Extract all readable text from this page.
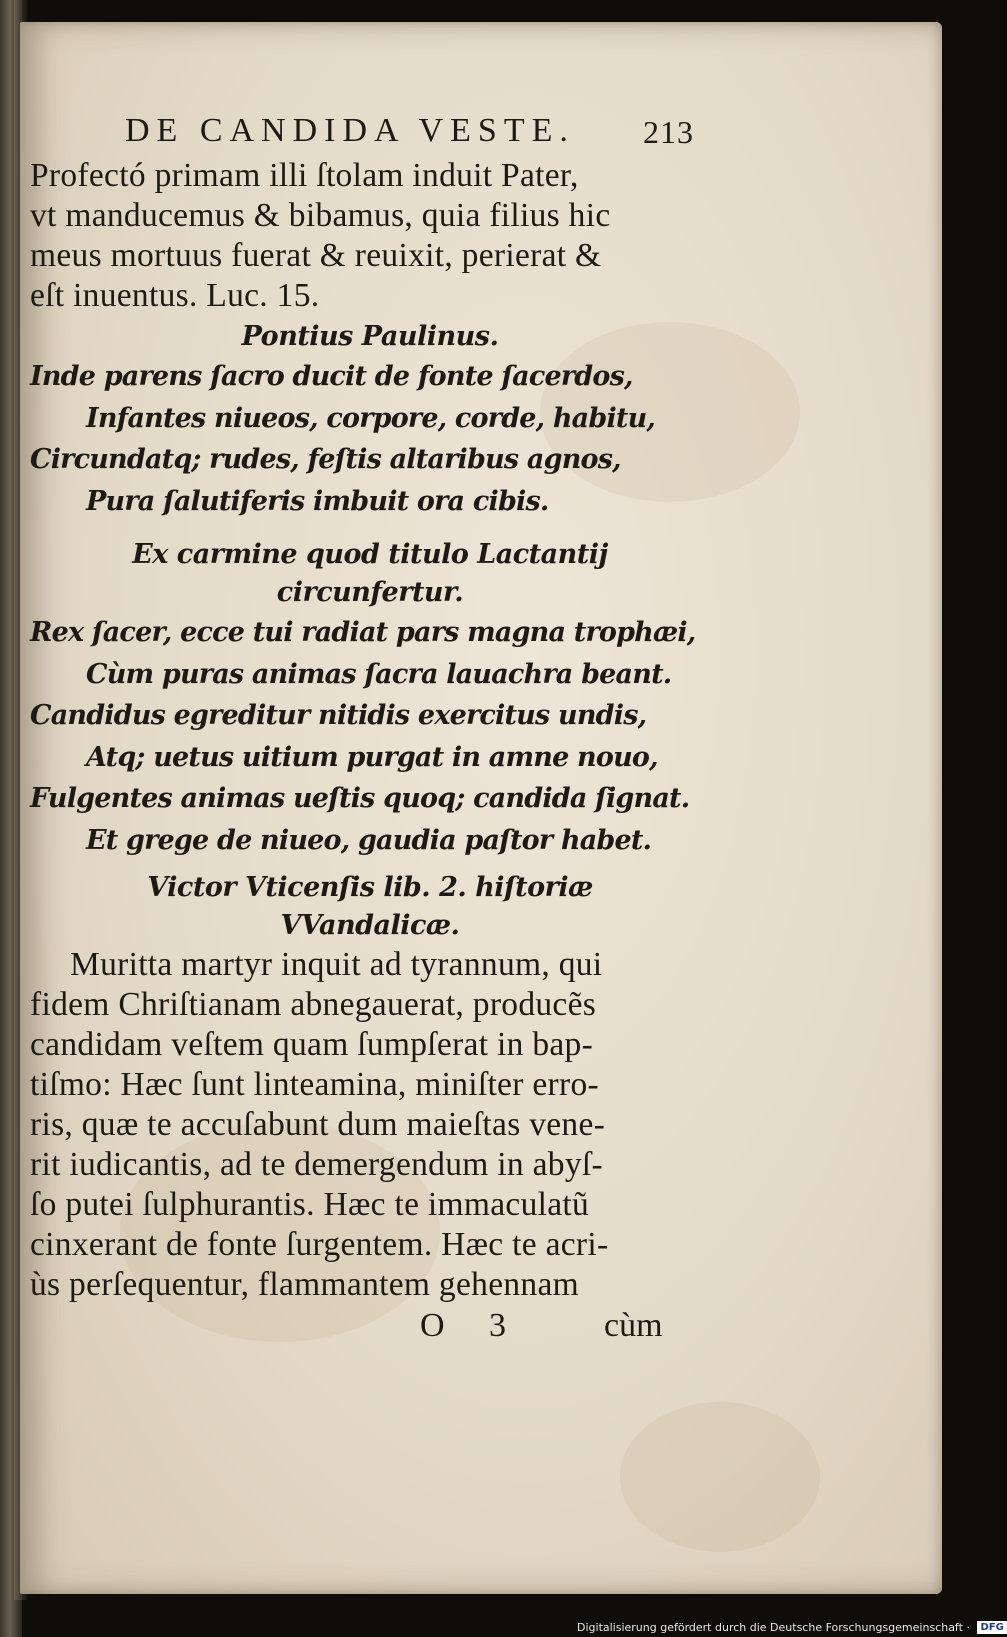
DE CANDIDA VESTE. 213
Profectó primam illi ſtolam induit Pater,
vt manducemus & bibamus, quia filius hic
meus mortuus fuerat & reuixit, perierat &
eſt inuentus. Luc. 15.
Pontius Paulinus.
Inde parens ſacro ducit de fonte ſacerdos,
Infantes niueos, corpore, corde, habitu,
Circundatq; rudes, feſtis altaribus agnos,
Pura ſalutiferis imbuit ora cibis.
Ex carmine quod titulo Lactantij
circunfertur.
Rex ſacer, ecce tui radiat pars magna trophæi,
Cùm puras animas ſacra lauachra beant.
Candidus egreditur nitidis exercitus undis,
Atq; uetus uitium purgat in amne nouo,
Fulgentes animas ueſtis quoq; candida ſignat.
Et grege de niueo, gaudia paſtor habet.
Victor Vticenſis lib. 2. hiſtoriæ
VVandalicæ.
Muritta martyr inquit ad tyrannum, qui
fidem Chriſtianam abnegauerat, producẽs
candidam veſtem quam ſumpſerat in bap-
tiſmo: Hæc ſunt linteamina, miniſter erro-
ris, quæ te accuſabunt dum maieſtas vene-
rit iudicantis, ad te demergendum in abyſ-
ſo putei ſulphurantis. Hæc te immaculatũ
cinxerant de fonte ſurgentem. Hæc te acri-
ùs perſequentur, flammantem gehennam
O 3 cùm
Digitalisierung gefördert durch die Deutsche Forschungsgemeinschaft · DFG
